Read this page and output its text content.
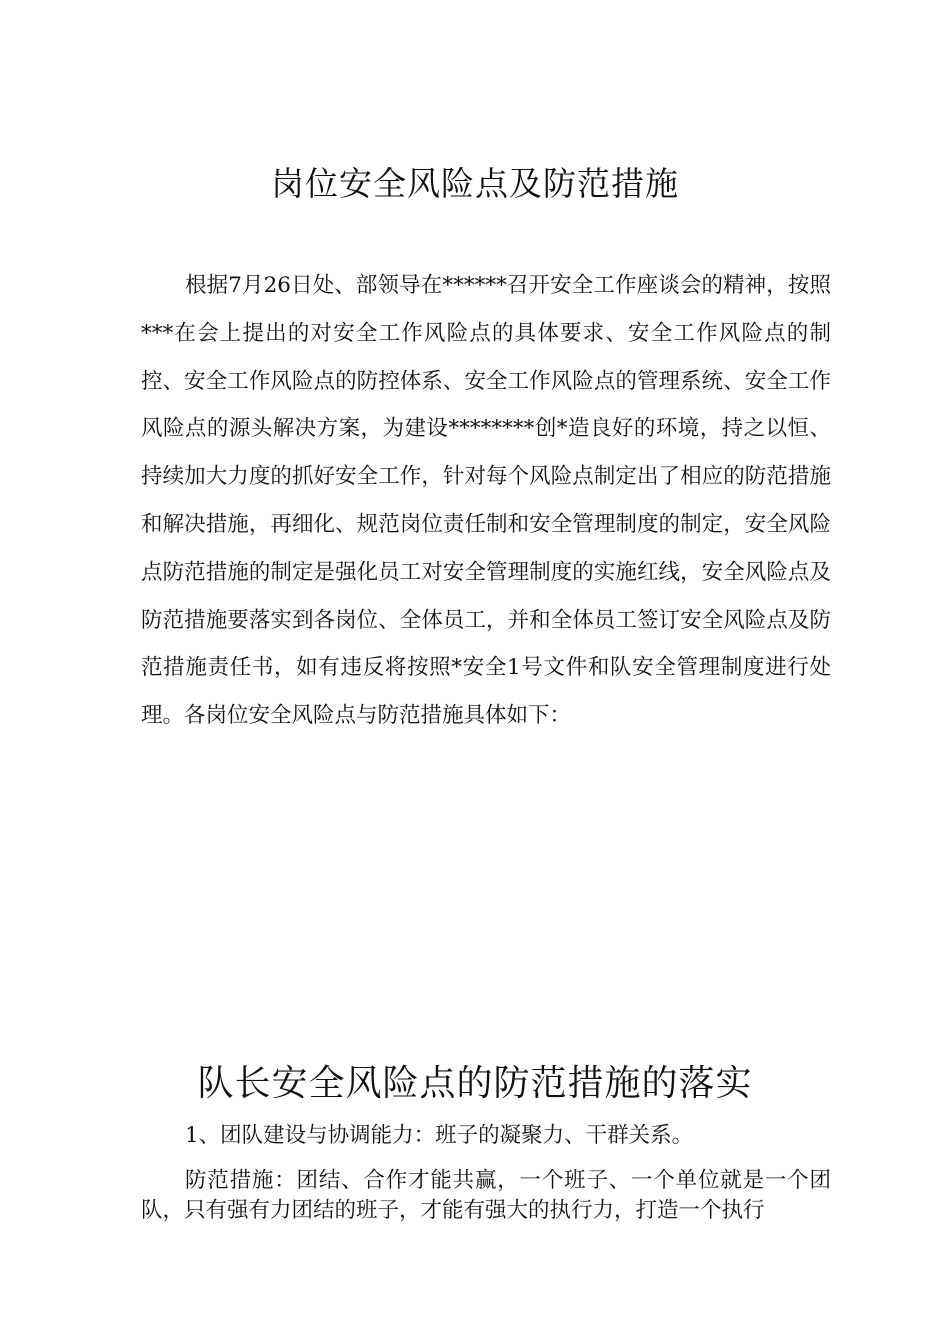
岗位安全风险点及防范措施

根据7月26日处、部领导在******召开安全工作座谈会的精神，按照***在会上提出的对安全工作风险点的具体要求、安全工作风险点的制控、安全工作风险点的防控体系、安全工作风险点的管理系统、安全工作风险点的源头解决方案，为建设********创*造良好的环境，持之以恒、持续加大力度的抓好安全工作，针对每个风险点制定出了相应的防范措施和解决措施，再细化、规范岗位责任制和安全管理制度的制定，安全风险点防范措施的制定是强化员工对安全管理制度的实施红线，安全风险点及防范措施要落实到各岗位、全体员工，并和全体员工签订安全风险点及防范措施责任书，如有违反将按照*安全1号文件和队安全管理制度进行处理。各岗位安全风险点与防范措施具体如下：

队长安全风险点的防范措施的落实

1、团队建设与协调能力：班子的凝聚力、干群关系。

防范措施：团结、合作才能共赢，一个班子、一个单位就是一个团队，只有强有力团结的班子，才能有强大的执行力，打造一个执行
